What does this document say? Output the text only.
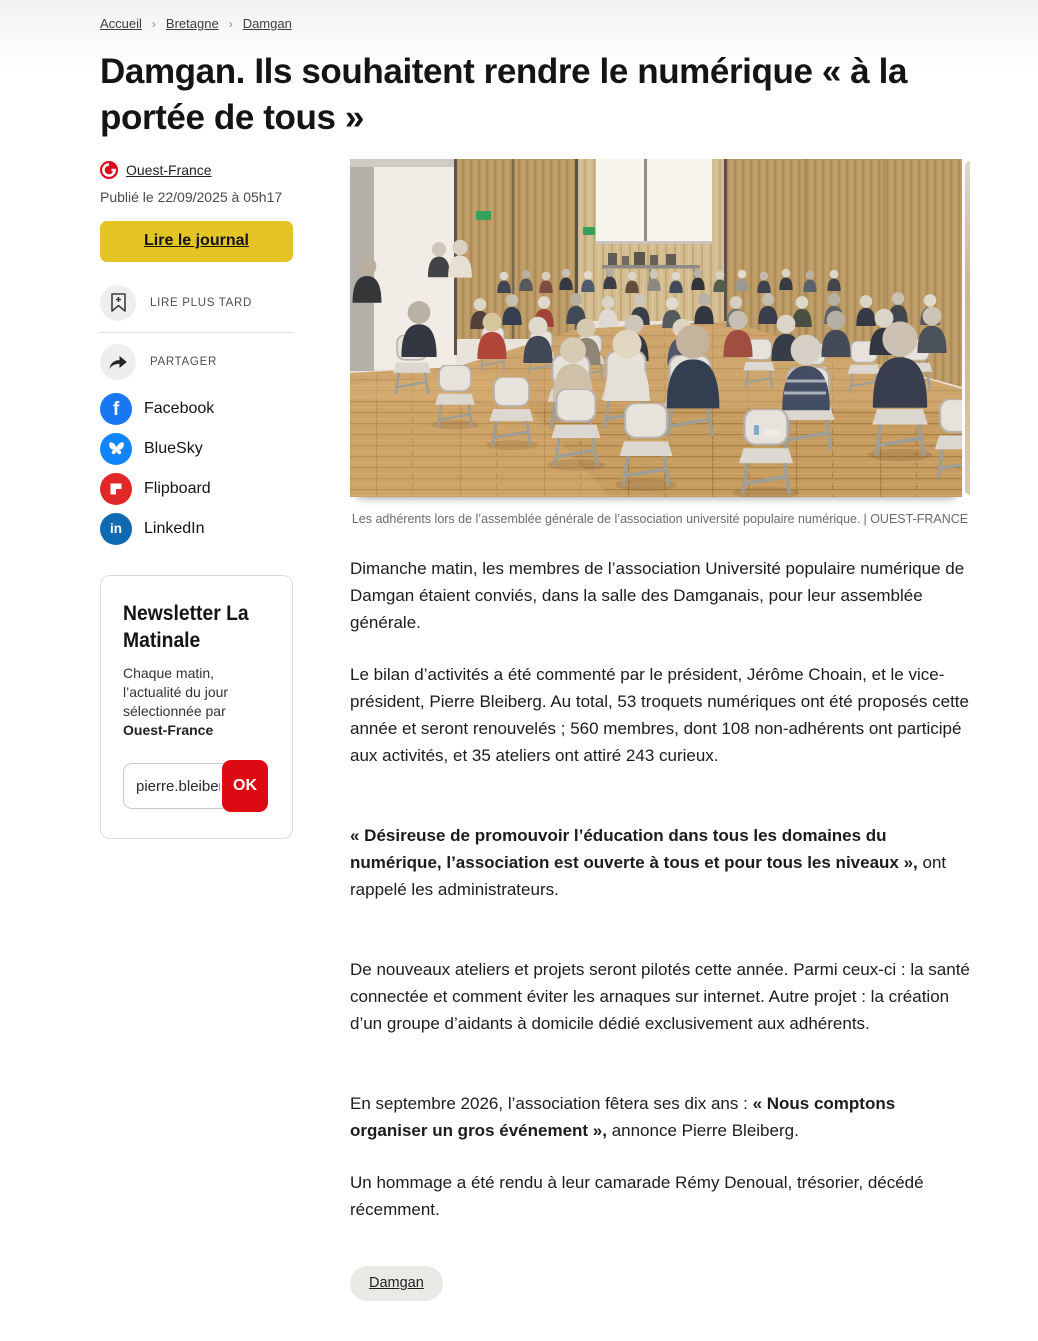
Accueil › Bretagne › Damgan
Damgan. Ils souhaitent rendre le numérique « à la portée de tous »
Ouest-France
Publié le 22/09/2025 à 05h17
Lire le journal
LIRE PLUS TARD
PARTAGER
f	Facebook
BlueSky
Flipboard
in	LinkedIn
Newsletter La
Matinale
Chaque matin, l’actualité du jour sélectionnée par Ouest-France
pierre.bleiberg
OK
Les adhérents lors de l’assemblée générale de l’association université populaire numérique. | OUEST-FRANCE

Dimanche matin, les membres de l’association Université populaire numérique de Damgan étaient conviés, dans la salle des Damganais, pour leur assemblée générale.

Le bilan d’activités a été commenté par le président, Jérôme Choain, et le vice-président, Pierre Bleiberg. Au total, 53 troquets numériques ont été proposés cette année et seront renouvelés ; 560 membres, dont 108 non-adhérents ont participé aux activités, et 35 ateliers ont attiré 243 curieux.

« Désireuse de promouvoir l’éducation dans tous les domaines du numérique, l’association est ouverte à tous et pour tous les niveaux », ont rappelé les administrateurs.

De nouveaux ateliers et projets seront pilotés cette année. Parmi ceux-ci : la santé connectée et comment éviter les arnaques sur internet. Autre projet : la création d’un groupe d’aidants à domicile dédié exclusivement aux adhérents.

En septembre 2026, l’association fêtera ses dix ans : « Nous comptons organiser un gros événement », annonce Pierre Bleiberg.

Un hommage a été rendu à leur camarade Rémy Denoual, trésorier, décédé récemment.

Damgan
